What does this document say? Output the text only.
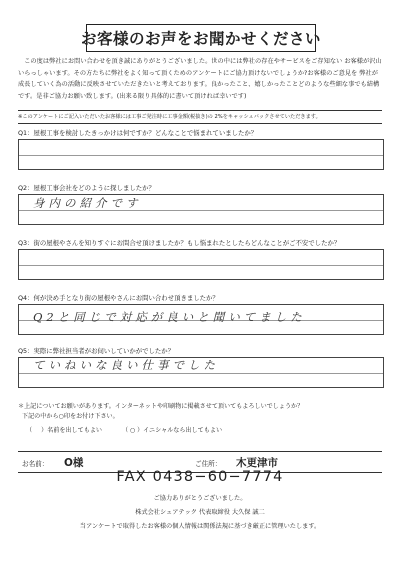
お客様のお声をお聞かせください

この度は弊社にお問い合わせを頂き誠にありがとうございました。世の中には弊社の存在やサービスをご存知ない お客様が沢山いらっしゃいます。その方たちに弊社をよく知って頂くためのアンケートにご協力頂けないでしょうか?お客様のご意見を 弊社が成長していく為の活動に反映させていただきたいと考えております。良かったこと、嬉しかったことどのような些細な事でも結構です。是非ご協力お願い致します。(出来る限り具体的に書いて頂ければ幸いです)

※このアンケートにご記入いただいたお客様には工事ご発注時に工事金額(税抜き)の 2%をキャッシュバックさせていただきます。
Q1：屋根工事を検討したきっかけは何ですか？どんなことで悩まれていましたか？
Q2：屋根工事会社をどのように探しましたか？
身内の紹介です
Q3：街の屋根やさんを知りすぐにお問合せ頂けましたか？もし悩まれたとしたらどんなことがご不安でしたか？
Q4：何が決め手となり街の屋根やさんにお問い合わせ頂きましたか？
Q2と同じで対応が良いと聞いてました
Q5：実際に弊社担当者がお伺いしていかがでしたか？
ていねいな良い仕事でした
＊上記についてお願いがあります。インターネットや印刷物に掲載させて頂いてもよろしいでしょうか？
下記の中から○印をお付け下さい。
（ ）名前を出してもよい	（ ○ ）イニシャルなら出してもよい
お名前： O様	ご住所： 木更津市
FAX 0438−60−7774
ご協力ありがとうございました。
株式会社シェアテック 代表取締役 大久保 誠二
当アンケートで取得したお客様の個人情報は関係法規に基づき厳正に管理いたします。
